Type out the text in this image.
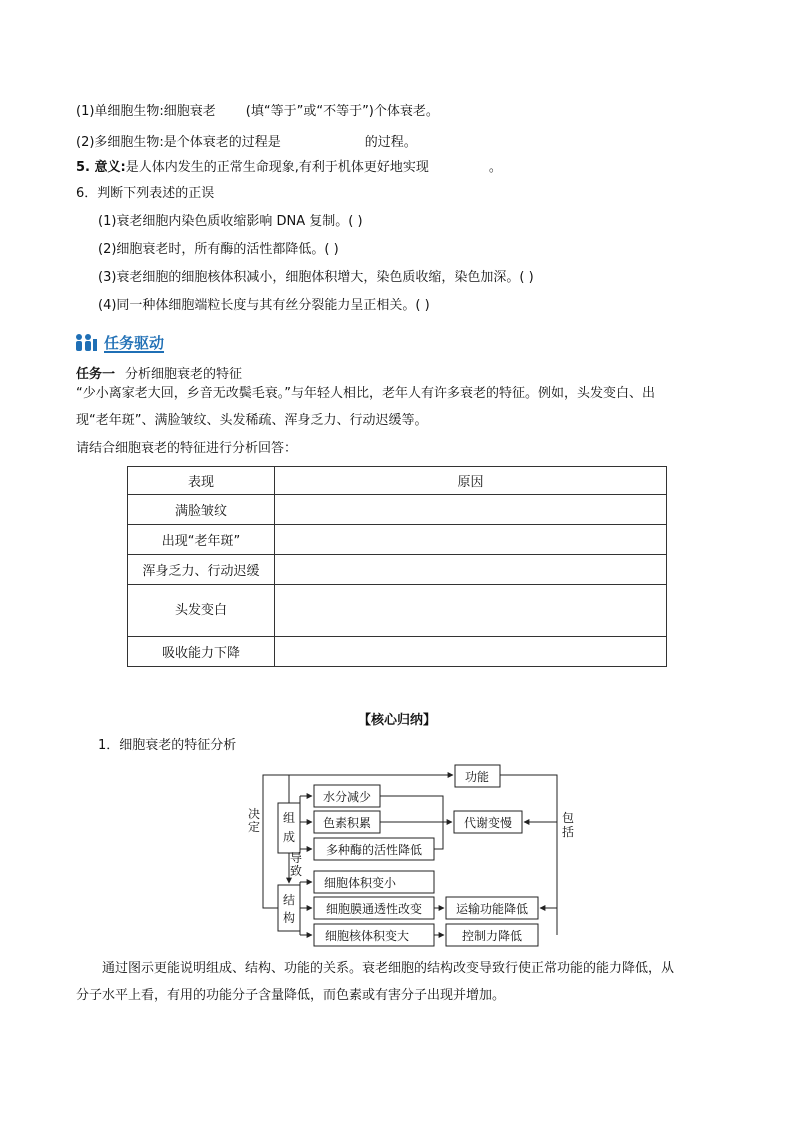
(1)单细胞生物:细胞衰老 (填“等于”或“不等于”)个体衰老。
(2)多细胞生物:是个体衰老的过程是	的过程。
5. 意义:是人体内发生的正常生命现象,有利于机体更好地实现	。
6．判断下列表述的正误
(1)衰老细胞内染色质收缩影响 DNA 复制。( )
(2)细胞衰老时，所有酶的活性都降低。( )
(3)衰老细胞的细胞核体积减小，细胞体积增大，染色质收缩，染色加深。( )
(4)同一种体细胞端粒长度与其有丝分裂能力呈正相关。( )
任务驱动
任务一 分析细胞衰老的特征
“少小离家老大回，乡音无改鬓毛衰。”与年轻人相比，老年人有许多衰老的特征。例如，头发变白、出
现“老年斑”、满脸皱纹、头发稀疏、浑身乏力、行动迟缓等。
请结合细胞衰老的特征进行分析回答：
表现	原因
满脸皱纹	
出现“老年斑”	
浑身乏力、行动迟缓	
头发变白	
吸收能力下降	
【核心归纳】
1．细胞衰老的特征分析
功能
水分减少
色素积累
多种酶的活性降低
代谢变慢
组
成
结
构
决
定
导
致
包
括
细胞体积变小
细胞膜通透性改变
细胞核体积变大
运输功能降低
控制力降低

通过图示更能说明组成、结构、功能的关系。衰老细胞的结构改变导致行使正常功能的能力降低，从

分子水平上看，有用的功能分子含量降低，而色素或有害分子出现并增加。
